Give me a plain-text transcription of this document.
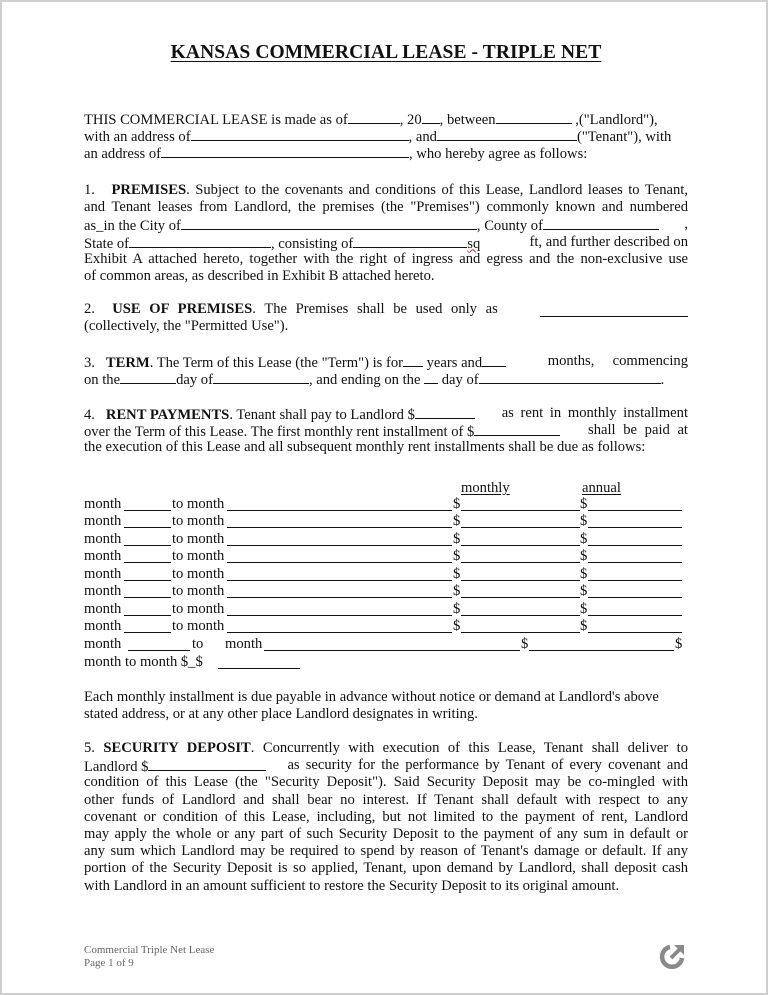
KANSAS COMMERCIAL LEASE - TRIPLE NET
THIS COMMERCIAL LEASE is made as of	, 20 , between	,("Landlord"),
with an address of	, and	("Tenant"), with
an address of	, who hereby agree as follows:
1. PREMISES. Subject to the covenants and conditions of this Lease, Landlord leases to Tenant,
and Tenant leases from Landlord, the premises (the "Premises") commonly known and numbered
as_in the City of	, County of	,
State of	, consisting of	sq	ft, and further described on
Exhibit A attached hereto, together with the right of ingress and egress and the non-exclusive use
of common areas, as described in Exhibit B attached hereto.
2. USE OF PREMISES. The Premises shall be used only as
(collectively, the "Permitted Use").
3. TERM. The Term of this Lease (the "Term") is for years and	months,     commencing
on the	day of	, and ending on the  day of	.
4. RENT PAYMENTS. Tenant shall pay to Landlord $	as rent in monthly installment
over the Term of this Lease. The first monthly rent installment of $	shall be paid at
the execution of this Lease and all subsequent monthly rent installments shall be due as follows:
monthly	annual
month	to month	$	$
month	to month	$	$
month	to month	$	$
month	to month	$	$
month	to month	$	$
month	to month	$	$
month	to month	$	$
month	to month	$	$
month	to month	$	$
month to month $_$
Each monthly installment is due payable in advance without notice or demand at Landlord's above
stated address, or at any other place Landlord designates in writing.
5. SECURITY DEPOSIT. Concurrently with execution of this Lease, Tenant shall deliver to
Landlord $	as security for the performance by Tenant of every covenant and
condition of this Lease (the "Security Deposit"). Said Security Deposit may be co-mingled with
other funds of Landlord and shall bear no interest. If Tenant shall default with respect to any
covenant or condition of this Lease, including, but not limited to the payment of rent, Landlord
may apply the whole or any part of such Security Deposit to the payment of any sum in default or
any sum which Landlord may be required to spend by reason of Tenant's damage or default. If any
portion of the Security Deposit is so applied, Tenant, upon demand by Landlord, shall deposit cash
with Landlord in an amount sufficient to restore the Security Deposit to its original amount.
Commercial Triple Net Lease
Page 1 of 9
